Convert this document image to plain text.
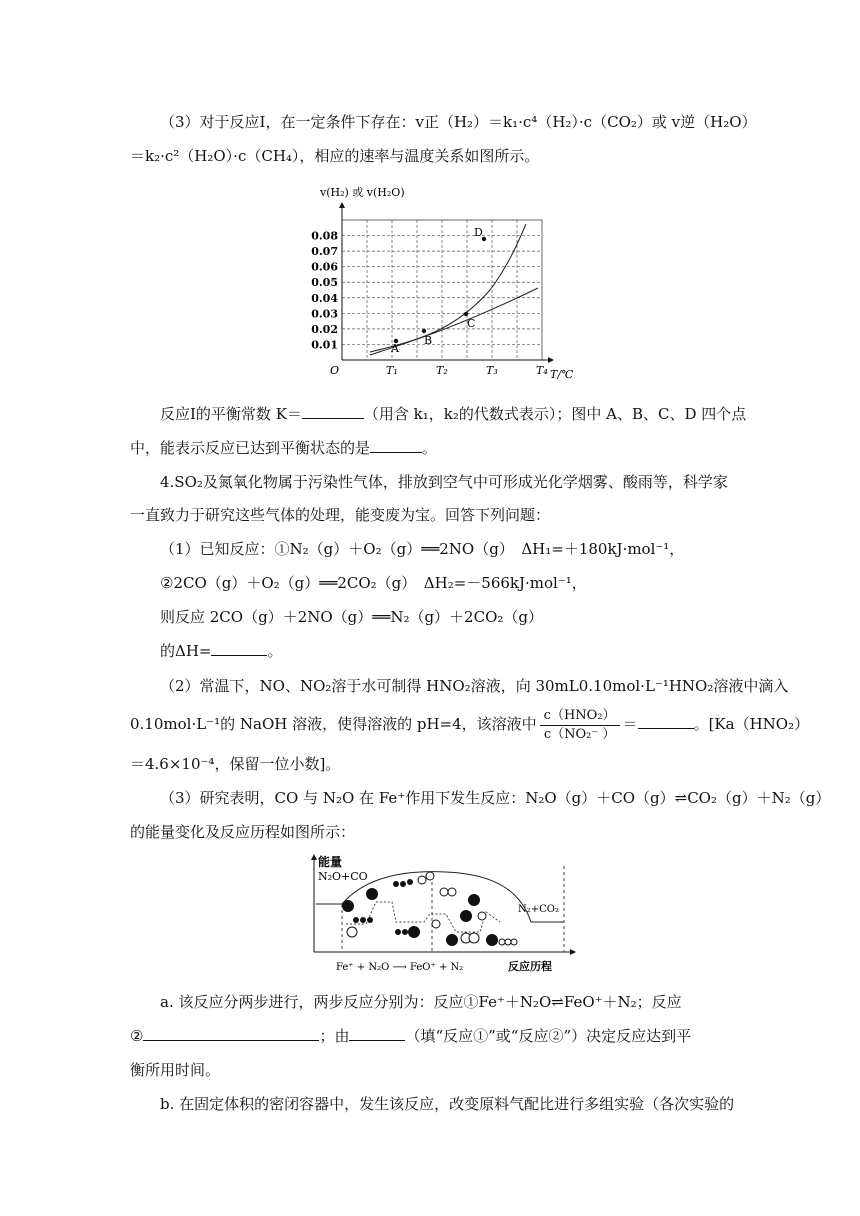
（3）对于反应Ⅰ，在一定条件下存在：v正（H₂）＝k₁·c⁴（H₂）·c（CO₂）或 v逆（H₂O）
＝k₂·c²（H₂O）·c（CH₄），相应的速率与温度关系如图所示。
v(H₂) 或 v(H₂O)
0.08
0.07
0.06
0.05
0.04
0.03
0.02
0.01
T₁	T₂	T₃	T₄
O	T/℃
A
B
C
D
反应Ⅰ的平衡常数 K＝	（用含 k₁，k₂的代数式表示）；图中 A、B、C、D 四个点
中，能表示反应已达到平衡状态的是	。
4.SO₂及氮氧化物属于污染性气体，排放到空气中可形成光化学烟雾、酸雨等，科学家
一直致力于研究这些气体的处理，能变废为宝。回答下列问题：
（1）已知反应：①N₂（g）＋O₂（g）══2NO（g）　ΔH₁=＋180kJ·mol⁻¹，
②2CO（g）＋O₂（g）══2CO₂（g）　ΔH₂=－566kJ·mol⁻¹，
则反应 2CO（g）＋2NO（g）══N₂（g）＋2CO₂（g）
的ΔH=	。
（2）常温下，NO、NO₂溶于水可制得 HNO₂溶液，向 30mL0.10mol·L⁻¹HNO₂溶液中滴入
0.10mol·L⁻¹的 NaOH 溶液，使得溶液的 pH=4，该溶液中 $\frac{\text{c（HNO₂）}}{\text{c（NO₂⁻ ）}}$ ＝	。[Ka（HNO₂）
＝4.6×10⁻⁴，保留一位小数]。
（3）研究表明，CO 与 N₂O 在 Fe⁺作用下发生反应：N₂O（g）＋CO（g）⇌CO₂（g）＋N₂（g）
的能量变化及反应历程如图所示：
能量
N₂O+CO
N₂+CO₂
Fe⁺ + N₂O ⟶ FeO⁺ + N₂	反应历程
a. 该反应分两步进行，两步反应分别为：反应①Fe⁺＋N₂O⇌FeO⁺＋N₂；反应
②	；由	（填“反应①”或“反应②”）决定反应达到平
衡所用时间。
b. 在固定体积的密闭容器中，发生该反应，改变原料气配比进行多组实验（各次实验的
